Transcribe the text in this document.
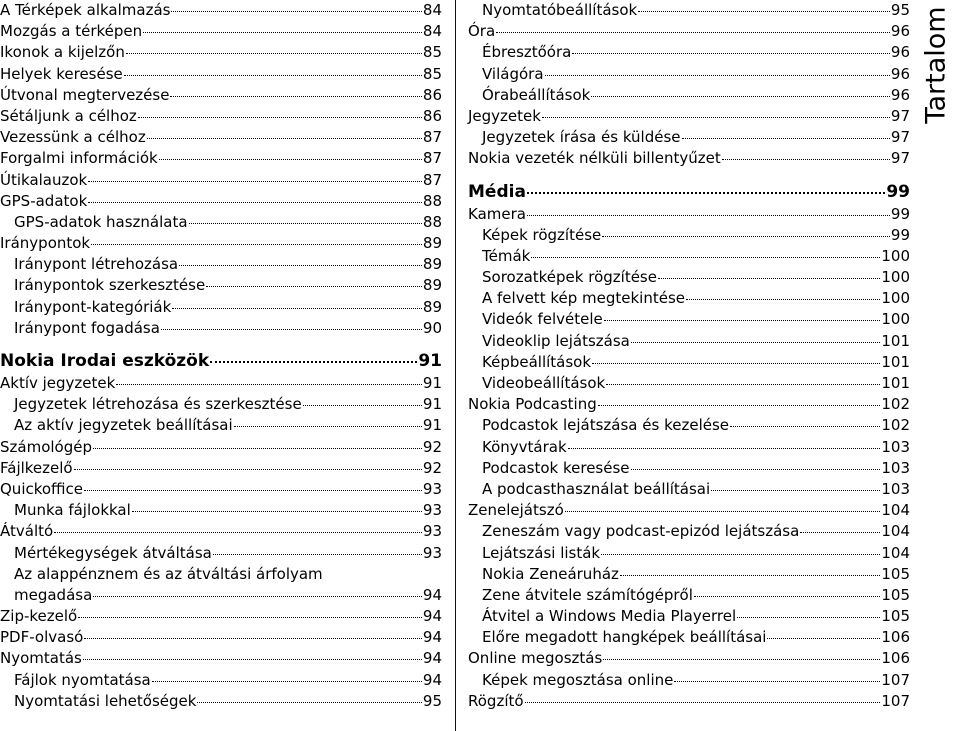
A Térképek alkalmazás	84
Mozgás a térképen	84
Ikonok a kijelzőn	85
Helyek keresése	85
Útvonal megtervezése	86
Sétáljunk a célhoz	86
Vezessünk a célhoz	87
Forgalmi információk	87
Útikalauzok	87
GPS-adatok	88
GPS-adatok használata	88
Iránypontok	89
Iránypont létrehozása	89
Iránypontok szerkesztése	89
Iránypont-kategóriák	89
Iránypont fogadása	90
Nokia Irodai eszközök	91
Aktív jegyzetek	91
Jegyzetek létrehozása és szerkesztése	91
Az aktív jegyzetek beállításai	91
Számológép	92
Fájlkezelő	92
Quickoffice	93
Munka fájlokkal	93
Átváltó	93
Mértékegységek átváltása	93
Az alappénznem és az átváltási árfolyam
megadása	94
Zip-kezelő	94
PDF-olvasó	94
Nyomtatás	94
Fájlok nyomtatása	94
Nyomtatási lehetőségek	95
Nyomtatóbeállítások	95
Óra	96
Ébresztőóra	96
Világóra	96
Órabeállítások	96
Jegyzetek	97
Jegyzetek írása és küldése	97
Nokia vezeték nélküli billentyűzet	97
Média	99
Kamera	99
Képek rögzítése	99
Témák	100
Sorozatképek rögzítése	100
A felvett kép megtekintése	100
Videók felvétele	100
Videoklip lejátszása	101
Képbeállítások	101
Videobeállítások	101
Nokia Podcasting	102
Podcastok lejátszása és kezelése	102
Könyvtárak	103
Podcastok keresése	103
A podcasthasználat beállításai	103
Zenelejátszó	104
Zeneszám vagy podcast-epizód lejátszása	104
Lejátszási listák	104
Nokia Zeneáruház	105
Zene átvitele számítógépről	105
Átvitel a Windows Media Playerrel	105
Előre megadott hangképek beállításai	106
Online megosztás	106
Képek megosztása online	107
Rögzítő	107
Tartalom
